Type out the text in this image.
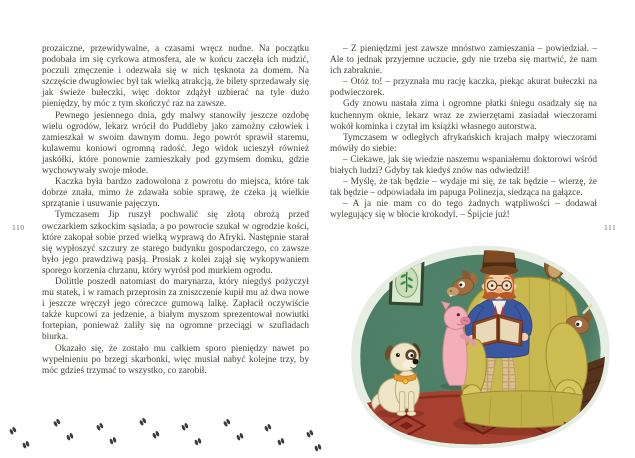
prozaiczne, przewidywalne, a czasami wręcz nudne. Na początku podobała im się cyrkowa atmosfera, ale w końcu zaczęła ich nudzić, poczuli zmęczenie i odezwała się w nich tęsknota za domem. Na szczęście dwugłowiec był tak wielką atrakcją, że bilety sprzedawały się jak świeże bułeczki, więc doktor zdążył uzbierać na tyle dużo pieniędzy, by móc z tym skończyć raz na zawsze.

Pewnego jesiennego dnia, gdy malwy stanowiły jeszcze ozdobę wielu ogrodów, lekarz wrócił do Puddleby jako zamożny człowiek i zamieszkał w swoim dawnym domu. Jego powrót sprawił staremu, kulawemu koniowi ogromną radość. Jego widok ucieszył również jaskółki, które ponownie zamieszkały pod gzymsem domku, gdzie wychowywały swoje młode.

Kaczka była bardzo zadowolona z powrotu do miejsca, które tak dobrze znała, mimo że zdawała sobie sprawę, że czeka ją wielkie sprzątanie i usuwanie pajęczyn.

Tymczasem Jip ruszył pochwalić się złotą obrożą przed owczarkiem szkockim sąsiada, a po powrocie szukał w ogrodzie kości, które zakopał sobie przed wielką wyprawą do Afryki. Następnie starał się wypłoszyć szczury ze starego budynku gospodarczego, co zawsze było jego prawdziwą pasją. Prosiak z kolei zajął się wykopywaniem sporego korzenia chrzanu, który wyrósł pod murkiem ogrodu.

Dolittle poszedł natomiast do marynarza, który niegdyś pożyczył mu statek, i w ramach przeprosin za zniszczenie kupił mu aż dwa nowe i jeszcze wręczył jego córeczce gumową lalkę. Zapłacił oczywiście także kupcowi za jedzenie, a białym myszom sprezentował nowiutki fortepian, ponieważ żaliły się na ogromne przeciągi w szufladach biurka.

Okazało się, że zostało mu całkiem sporo pieniędzy nawet po wypełnieniu po brzegi skarbonki, więc musiał nabyć kolejne trzy, by móc gdzieś trzymać to wszystko, co zarobił.

– Z pieniędzmi jest zawsze mnóstwo zamieszania – powiedział. – Ale to jednak przyjemne uczucie, gdy nie trzeba się martwić, że nam ich zabraknie.

– Otóż to! – przyznała mu rację kaczka, piekąc akurat bułeczki na podwieczorek.

Gdy znowu nastała zima i ogromne płatki śniegu osadzały się na kuchennym oknie, lekarz wraz ze zwierzętami zasiadał wieczorami wokół kominka i czytał im książki własnego autorstwa.

Tymczasem w odległych afrykańskich krajach małpy wieczorami mówiły do siebie:

– Ciekawe, jak się wiedzie naszemu wspaniałemu doktorowi wśród białych ludzi? Gdyby tak kiedyś znów nas odwiedził!

– Myślę, że tak będzie – wydaje mi się, że tak będzie – wierzę, że tak będzie – odpowiadała im papuga Polinezja, siedząca na gałązce.

– A ja nie mam co do tego żadnych wątpliwości – dodawał wylegujący się w błocie krokodyl. – Śpijcie już!

110	111
